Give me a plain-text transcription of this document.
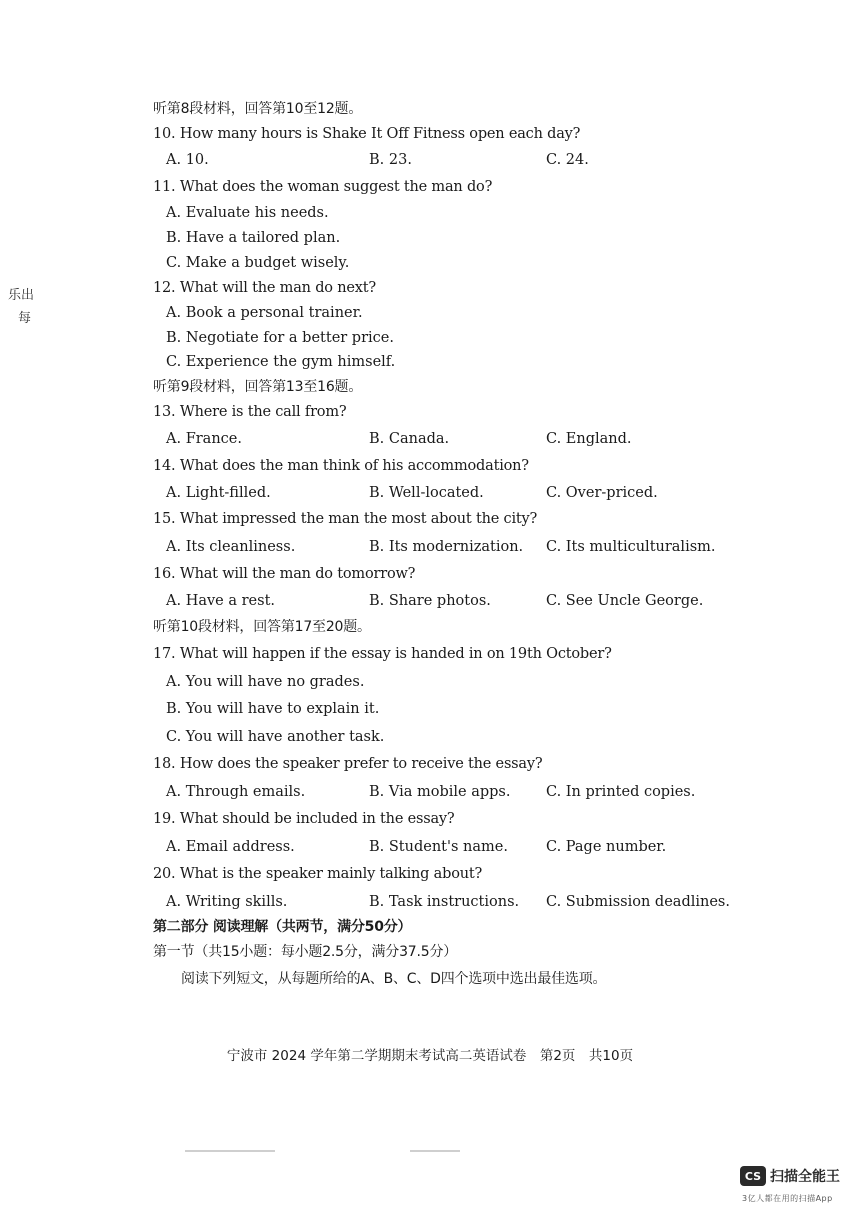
乐出
每
听第8段材料，回答第10至12题。
10. How many hours is Shake It Off Fitness open each day?
A. 10.	B. 23.	C. 24.
11. What does the woman suggest the man do?
A. Evaluate his needs.
B. Have a tailored plan.
C. Make a budget wisely.
12. What will the man do next?
A. Book a personal trainer.
B. Negotiate for a better price.
C. Experience the gym himself.
听第9段材料，回答第13至16题。
13. Where is the call from?
A. France.	B. Canada.	C. England.
14. What does the man think of his accommodation?
A. Light-filled.	B. Well-located.	C. Over-priced.
15. What impressed the man the most about the city?
A. Its cleanliness.	B. Its modernization. C. Its multiculturalism.
16. What will the man do tomorrow?
A. Have a rest.	B. Share photos.	C. See Uncle George.
听第10段材料，回答第17至20题。
17. What will happen if the essay is handed in on 19th October?
A. You will have no grades.
B. You will have to explain it.
C. You will have another task.
18. How does the speaker prefer to receive the essay?
A. Through emails.	B. Via mobile apps. C. In printed copies.
19. What should be included in the essay?
A. Email address.	B. Student's name.	C. Page number.
20. What is the speaker mainly talking about?
A. Writing skills.	B. Task instructions. C. Submission deadlines.
第二部分 阅读理解（共两节，满分50分）
第一节（共15小题：每小题2.5分，满分37.5分）
阅读下列短文，从每题所给的A、B、C、D四个选项中选出最佳选项。
宁波市 2024 学年第二学期期末考试高二英语试卷　第2页　共10页
CS 扫描全能王
3亿人都在用的扫描App
